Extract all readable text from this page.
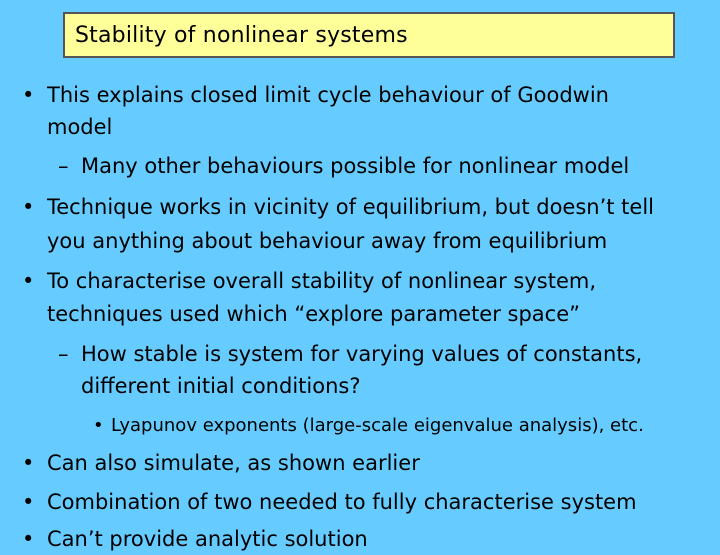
Stability of nonlinear systems
• This explains closed limit cycle behaviour of Goodwin
model
– Many other behaviours possible for nonlinear model
• Technique works in vicinity of equilibrium, but doesn’t tell
you anything about behaviour away from equilibrium
• To characterise overall stability of nonlinear system,
techniques used which “explore parameter space”
– How stable is system for varying values of constants,
different initial conditions?
• Lyapunov exponents (large-scale eigenvalue analysis), etc.
• Can also simulate, as shown earlier
• Combination of two needed to fully characterise system
• Can’t provide analytic solution
